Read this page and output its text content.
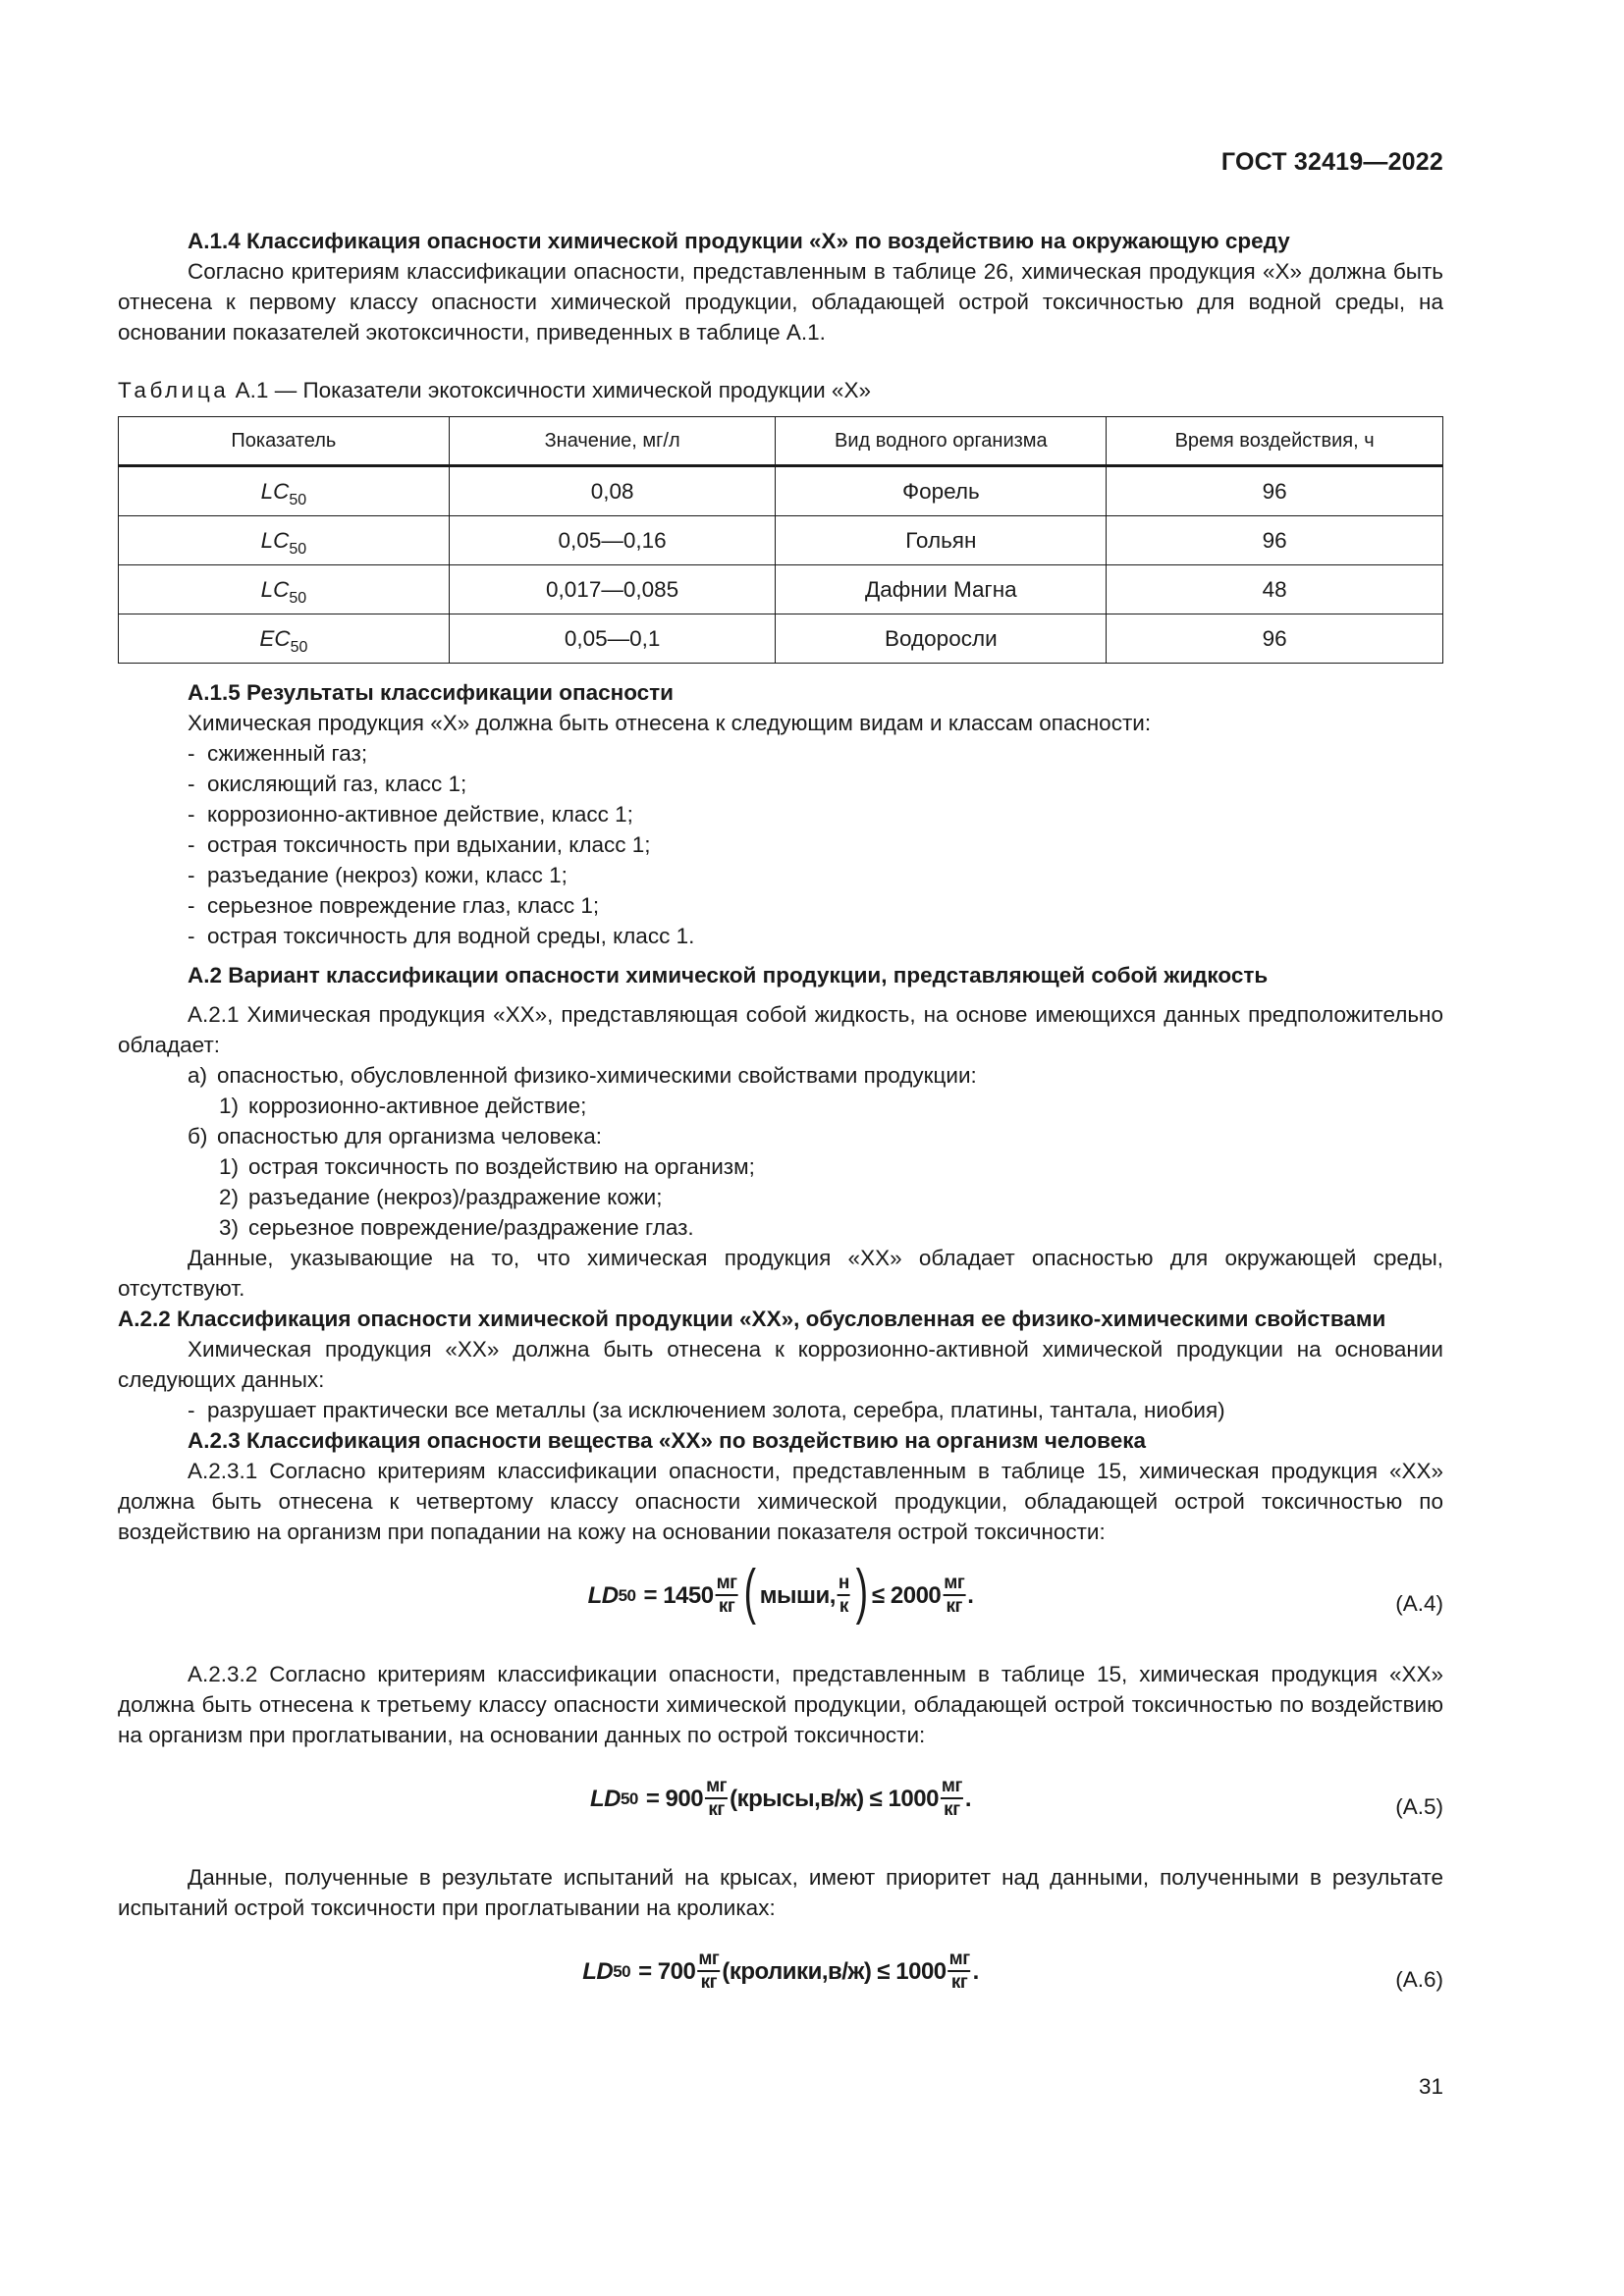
ГОСТ 32419—2022

А.1.4 Классификация опасности химической продукции «Х» по воздействию на окружающую среду

Согласно критериям классификации опасности, представленным в таблице 26, химическая продукция «Х» должна быть отнесена к первому классу опасности химической продукции, обладающей острой токсичностью для водной среды, на основании показателей экотоксичности, приведенных в таблице А.1.

Таблица А.1 — Показатели экотоксичности химической продукции «Х»

Показатель	Значение, мг/л	Вид водного организма	Время воздействия, ч
$LC_{50}$	0,08	Форель	96
$LC_{50}$	0,05—0,16	Гольян	96
$LC_{50}$	0,017—0,085	Дафнии Магна	48
$EC_{50}$	0,05—0,1	Водоросли	96

А.1.5 Результаты классификации опасности

Химическая продукция «Х» должна быть отнесена к следующим видам и классам опасности:

- сжиженный газ;

- окисляющий газ, класс 1;

- коррозионно-активное действие, класс 1;

- острая токсичность при вдыхании, класс 1;

- разъедание (некроз) кожи, класс 1;

- серьезное повреждение глаз, класс 1;

- острая токсичность для водной среды, класс 1.

А.2 Вариант классификации опасности химической продукции, представляющей собой жидкость

А.2.1 Химическая продукция «ХХ», представляющая собой жидкость, на основе имеющихся данных предположительно обладает:

а) опасностью, обусловленной физико-химическими свойствами продукции:

1) коррозионно-активное действие;

б) опасностью для организма человека:

1) острая токсичность по воздействию на организм;

2) разъедание (некроз)/раздражение кожи;

3) серьезное повреждение/раздражение глаз.

Данные, указывающие на то, что химическая продукция «ХХ» обладает опасностью для окружающей среды, отсутствуют.

А.2.2 Классификация опасности химической продукции «ХХ», обусловленная ее физико-химическими свойствами

Химическая продукция «ХХ» должна быть отнесена к коррозионно-активной химической продукции на основании следующих данных:

- разрушает практически все металлы (за исключением золота, серебра, платины, тантала, ниобия)

А.2.3 Классификация опасности вещества «ХХ» по воздействию на организм человека

А.2.3.1 Согласно критериям классификации опасности, представленным в таблице 15, химическая продукция «ХХ» должна быть отнесена к четвертому классу опасности химической продукции, обладающей острой токсичностью по воздействию на организм при попадании на кожу на основании показателя острой токсичности:

LD $50 = 1450 \frac{мг}{кг}$ ( мыши, $\frac{н}{к}$ ) ≤ $2000 \frac{мг}{кг}$ .	(А.4)

А.2.3.2 Согласно критериям классификации опасности, представленным в таблице 15, химическая продукция «ХХ» должна быть отнесена к третьему классу опасности химической продукции, обладающей острой токсичностью по воздействию на организм при проглатывании, на основании данных по острой токсичности:

LD $50 = 900 \frac{мг}{кг}$ (крысы,в/ж) ≤ $1000 \frac{мг}{кг}$ .	(А.5)

Данные, полученные в результате испытаний на крысах, имеют приоритет над данными, полученными в результате испытаний острой токсичности при проглатывании на кроликах:

LD $50 = 700 \frac{мг}{кг}$ (кролики,в/ж) ≤ $1000 \frac{мг}{кг}$ .	(А.6)
31
